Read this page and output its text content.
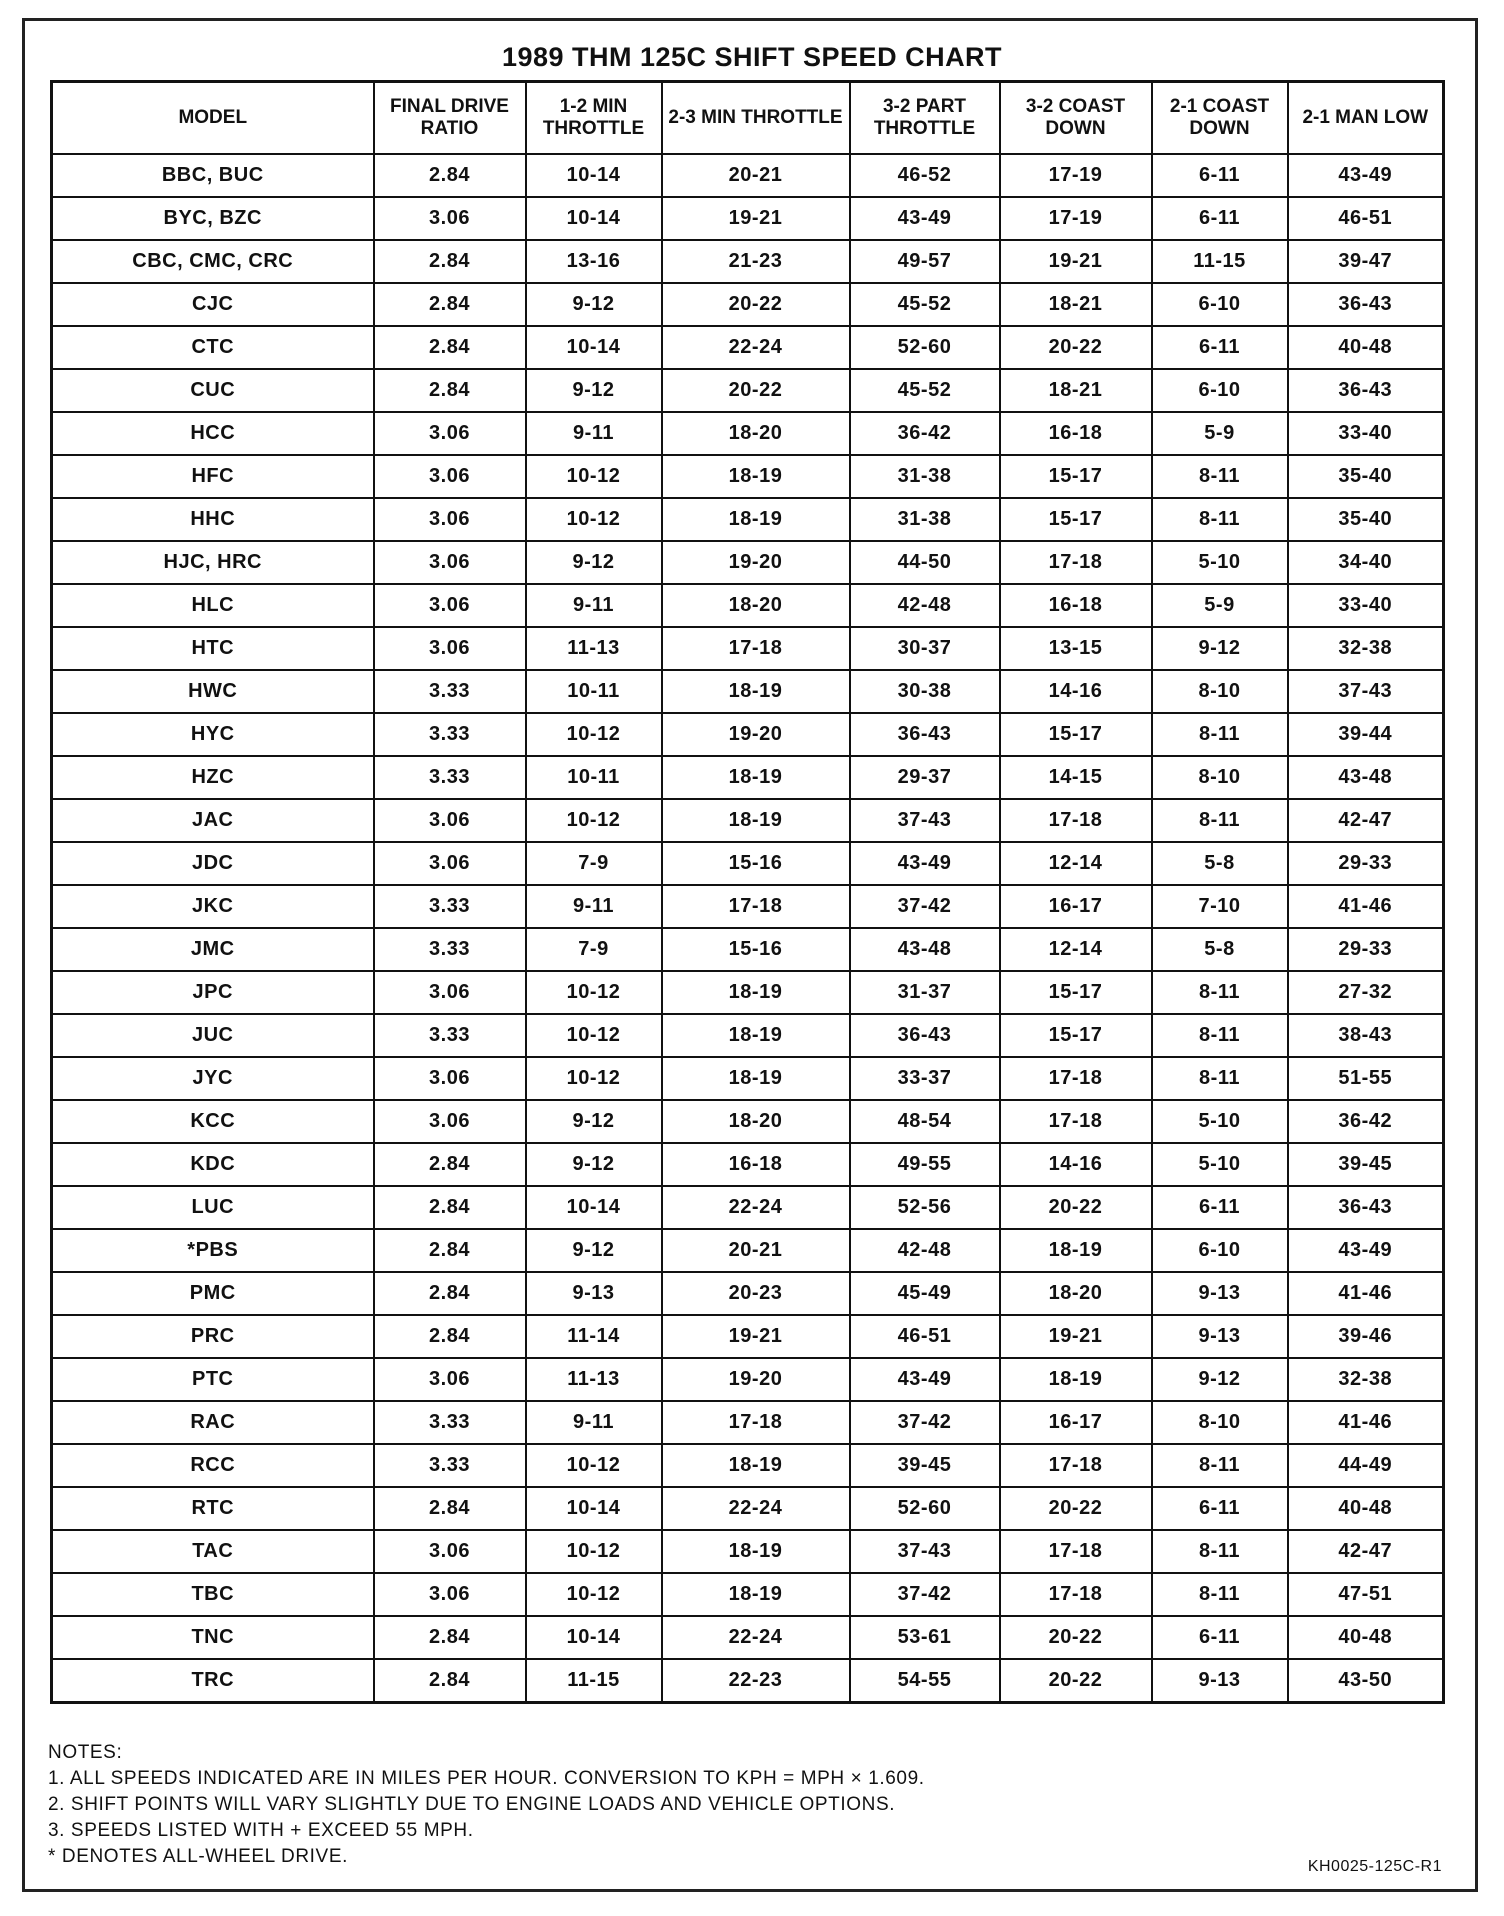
1989 THM 125C SHIFT SPEED CHART
MODEL	FINAL DRIVE RATIO	1-2 MIN THROTTLE	2-3 MIN THROTTLE	3-2 PART THROTTLE	3-2 COAST DOWN	2-1 COAST DOWN	2-1 MAN LOW
BBC, BUC	2.84	10-14	20-21	46-52	17-19	6-11	43-49
BYC, BZC	3.06	10-14	19-21	43-49	17-19	6-11	46-51
CBC, CMC, CRC	2.84	13-16	21-23	49-57	19-21	11-15	39-47
CJC	2.84	9-12	20-22	45-52	18-21	6-10	36-43
CTC	2.84	10-14	22-24	52-60	20-22	6-11	40-48
CUC	2.84	9-12	20-22	45-52	18-21	6-10	36-43
HCC	3.06	9-11	18-20	36-42	16-18	5-9	33-40
HFC	3.06	10-12	18-19	31-38	15-17	8-11	35-40
HHC	3.06	10-12	18-19	31-38	15-17	8-11	35-40
HJC, HRC	3.06	9-12	19-20	44-50	17-18	5-10	34-40
HLC	3.06	9-11	18-20	42-48	16-18	5-9	33-40
HTC	3.06	11-13	17-18	30-37	13-15	9-12	32-38
HWC	3.33	10-11	18-19	30-38	14-16	8-10	37-43
HYC	3.33	10-12	19-20	36-43	15-17	8-11	39-44
HZC	3.33	10-11	18-19	29-37	14-15	8-10	43-48
JAC	3.06	10-12	18-19	37-43	17-18	8-11	42-47
JDC	3.06	7-9	15-16	43-49	12-14	5-8	29-33
JKC	3.33	9-11	17-18	37-42	16-17	7-10	41-46
JMC	3.33	7-9	15-16	43-48	12-14	5-8	29-33
JPC	3.06	10-12	18-19	31-37	15-17	8-11	27-32
JUC	3.33	10-12	18-19	36-43	15-17	8-11	38-43
JYC	3.06	10-12	18-19	33-37	17-18	8-11	51-55
KCC	3.06	9-12	18-20	48-54	17-18	5-10	36-42
KDC	2.84	9-12	16-18	49-55	14-16	5-10	39-45
LUC	2.84	10-14	22-24	52-56	20-22	6-11	36-43
*PBS	2.84	9-12	20-21	42-48	18-19	6-10	43-49
PMC	2.84	9-13	20-23	45-49	18-20	9-13	41-46
PRC	2.84	11-14	19-21	46-51	19-21	9-13	39-46
PTC	3.06	11-13	19-20	43-49	18-19	9-12	32-38
RAC	3.33	9-11	17-18	37-42	16-17	8-10	41-46
RCC	3.33	10-12	18-19	39-45	17-18	8-11	44-49
RTC	2.84	10-14	22-24	52-60	20-22	6-11	40-48
TAC	3.06	10-12	18-19	37-43	17-18	8-11	42-47
TBC	3.06	10-12	18-19	37-42	17-18	8-11	47-51
TNC	2.84	10-14	22-24	53-61	20-22	6-11	40-48
TRC	2.84	11-15	22-23	54-55	20-22	9-13	43-50
NOTES:
1. ALL SPEEDS INDICATED ARE IN MILES PER HOUR. CONVERSION TO KPH = MPH × 1.609.
2. SHIFT POINTS WILL VARY SLIGHTLY DUE TO ENGINE LOADS AND VEHICLE OPTIONS.
3. SPEEDS LISTED WITH + EXCEED 55 MPH.
* DENOTES ALL-WHEEL DRIVE.	KH0025-125C-R1
